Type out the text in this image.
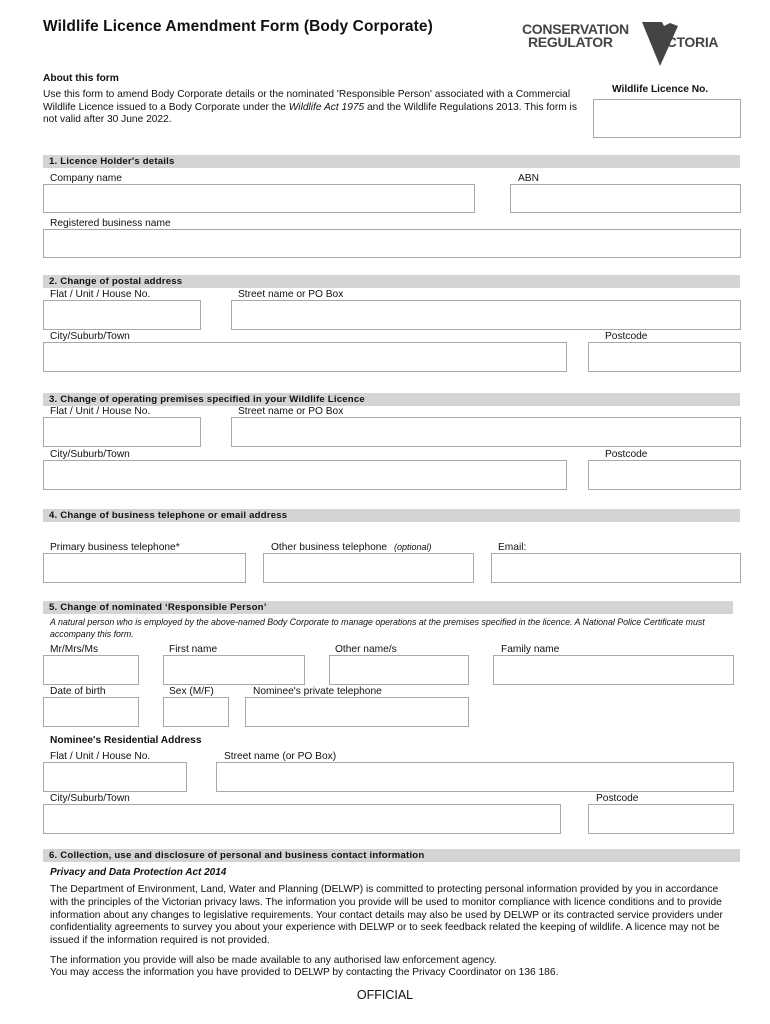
Wildlife Licence Amendment Form (Body Corporate)	CONSERVATION
REGULATOR	VICTORIA
About this form
Use this form to amend Body Corporate details or the nominated 'Responsible Person' associated with a Commercial Wildlife Licence issued to a Body Corporate under the Wildlife Act 1975 and the Wildlife Regulations 2013. This form is not valid after 30 June 2022.
Wildlife Licence No.
1. Licence Holder's details
Company name	ABN
Registered business name
2. Change of postal address
Flat / Unit / House No.	Street name or PO Box
City/Suburb/Town	Postcode
3. Change of operating premises specified in your Wildlife Licence
Flat / Unit / House No.	Street name or PO Box
City/Suburb/Town	Postcode
4. Change of business telephone or email address
Primary business telephone*	Other business telephone (optional)	Email:
5. Change of nominated ‘Responsible Person’
A natural person who is employed by the above-named Body Corporate to manage operations at the premises specified in the licence. A National Police Certificate must accompany this form.
Mr/Mrs/Ms	First name	Other name/s	Family name
Date of birth	Sex (M/F)	Nominee's private telephone
Nominee's Residential Address
Flat / Unit / House No.	Street name (or PO Box)
City/Suburb/Town	Postcode
6. Collection, use and disclosure of personal and business contact information
Privacy and Data Protection Act 2014
The Department of Environment, Land, Water and Planning (DELWP) is committed to protecting personal information provided by you in accordance with the principles of the Victorian privacy laws. The information you provide will be used to monitor compliance with licence conditions and to provide information about any changes to legislative requirements. Your contact details may also be used by DELWP or its contracted service providers under confidentiality agreements to survey you about your experience with DELWP or to seek feedback related the keeping of wildlife. A licence may not be issued if the information required is not provided.
The information you provide will also be made available to any authorised law enforcement agency.
You may access the information you have provided to DELWP by contacting the Privacy Coordinator on 136 186.
OFFICIAL
